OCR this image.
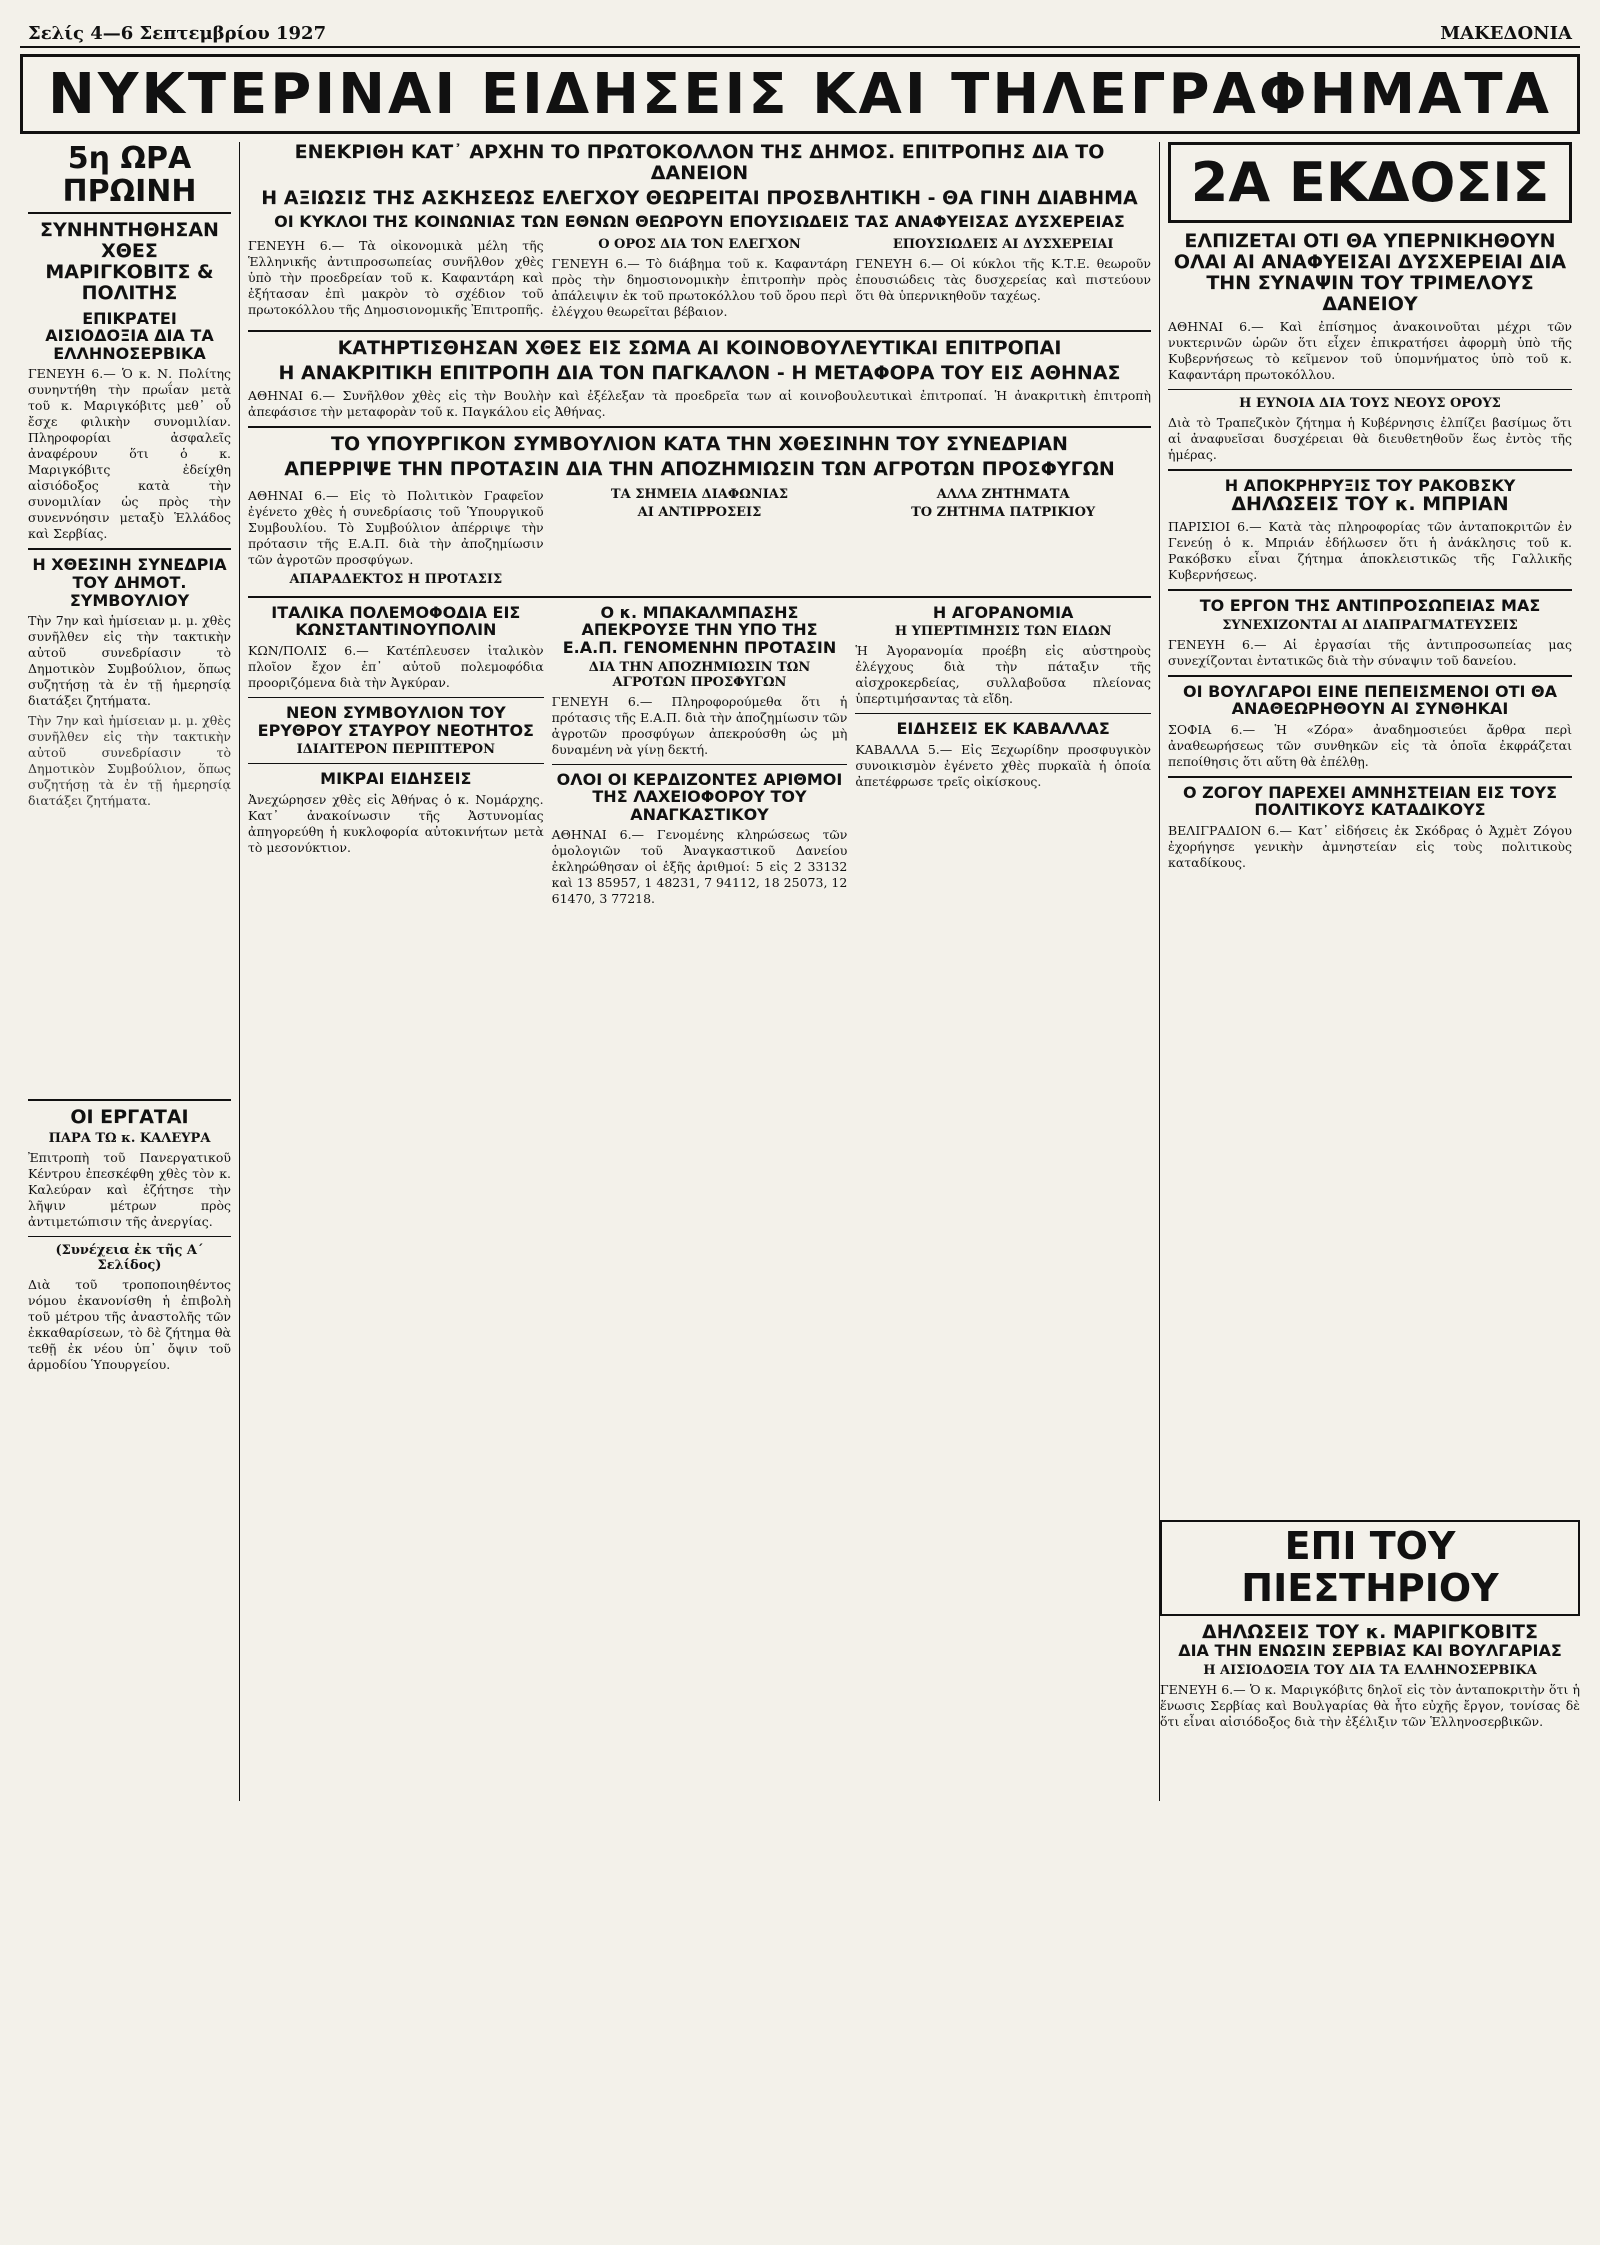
Σελίς 4—6 Σεπτεμβρίου 1927	ΜΑΚΕΔΟΝΙΑ
ΝΥΚΤΕΡΙΝΑΙ ΕΙΔΗΣΕΙΣ ΚΑΙ ΤΗΛΕΓΡΑΦΗΜΑΤΑ
5η ΩΡΑ ΠΡΩΙΝΗ
ΣΥΝΗΝΤΗΘΗΣΑΝ ΧΘΕΣ ΜΑΡΙΓΚΟΒΙΤΣ & ΠΟΛΙΤΗΣ
ΕΠΙΚΡΑΤΕΙ ΑΙΣΙΟΔΟΞΙΑ ΔΙΑ ΤΑ ΕΛΛΗΝΟΣΕΡΒΙΚΑ

ΓΕΝΕΥΗ 6.— Ὁ κ. Ν. Πολίτης συνηντήθη τὴν πρωΐαν μετὰ τοῦ κ. Μαριγκόβιτς μεθ᾽ οὗ ἔσχε φιλικὴν συνομιλίαν. Πληροφορίαι ἀσφαλεῖς ἀναφέρουν ὅτι ὁ κ. Μαριγκόβιτς ἐδείχθη αἰσιόδοξος κατὰ τὴν συνομιλίαν ὡς πρὸς τὴν συνεννόησιν μεταξὺ Ἑλλάδος καὶ Σερβίας.

Η ΧΘΕΣΙΝΗ ΣΥΝΕΔΡΙΑ ΤΟΥ ΔΗΜΟΤ. ΣΥΜΒΟΥΛΙΟΥ

Τὴν 7ην καὶ ἡμίσειαν μ. μ. χθὲς συνῆλθεν εἰς τὴν τακτικὴν αὐτοῦ συνεδρίασιν τὸ Δημοτικὸν Συμβούλιον, ὅπως συζητήσῃ τὰ ἐν τῇ ἡμερησίᾳ διατάξει ζητήματα.

Τὴν 7ην καὶ ἡμίσειαν μ. μ. χθὲς συνῆλθεν εἰς τὴν τακτικὴν αὐτοῦ συνεδρίασιν τὸ Δημοτικὸν Συμβούλιον, ὅπως συζητήσῃ τὰ ἐν τῇ ἡμερησίᾳ διατάξει ζητήματα.

ΟΙ ΕΡΓΑΤΑΙ
ΠΑΡΑ ΤΩ κ. ΚΑΛΕΥΡΑ

Ἐπιτροπὴ τοῦ Πανεργατικοῦ Κέντρου ἐπεσκέφθη χθὲς τὸν κ. Καλεύραν καὶ ἐζήτησε τὴν λῆψιν μέτρων πρὸς ἀντιμετώπισιν τῆς ἀνεργίας.

(Συνέχεια ἐκ τῆς Α΄ Σελίδος)

Διὰ τοῦ τροποποιηθέντος νόμου ἐκανονίσθη ἡ ἐπιβολὴ τοῦ μέτρου τῆς ἀναστολῆς τῶν ἐκκαθαρίσεων, τὸ δὲ ζήτημα θὰ τεθῇ ἐκ νέου ὑπ᾽ ὄψιν τοῦ ἁρμοδίου Ὑπουργείου.

ΕΝΕΚΡΙΘΗ ΚΑΤ᾽ ΑΡΧΗΝ ΤΟ ΠΡΩΤΟΚΟΛΛΟΝ ΤΗΣ ΔΗΜΟΣ. ΕΠΙΤΡΟΠΗΣ ΔΙΑ ΤΟ ΔΑΝΕΙΟΝ
Η ΑΞΙΩΣΙΣ ΤΗΣ ΑΣΚΗΣΕΩΣ ΕΛΕΓΧΟΥ ΘΕΩΡΕΙΤΑΙ ΠΡΟΣΒΛΗΤΙΚΗ - ΘΑ ΓΙΝΗ ΔΙΑΒΗΜΑ
ΟΙ ΚΥΚΛΟΙ ΤΗΣ ΚΟΙΝΩΝΙΑΣ ΤΩΝ ΕΘΝΩΝ ΘΕΩΡΟΥΝ ΕΠΟΥΣΙΩΔΕΙΣ ΤΑΣ ΑΝΑΦΥΕΙΣΑΣ ΔΥΣΧΕΡΕΙΑΣ

ΓΕΝΕΥΗ 6.— Τὰ οἰκονομικὰ μέλη τῆς Ἑλληνικῆς ἀντιπροσωπείας συνῆλθον χθὲς ὑπὸ τὴν προεδρείαν τοῦ κ. Καφαντάρη καὶ ἐξήτασαν ἐπὶ μακρὸν τὸ σχέδιον τοῦ πρωτοκόλλου τῆς Δημοσιονομικῆς Ἐπιτροπῆς.

Ο ΟΡΟΣ ΔΙΑ ΤΟΝ ΕΛΕΓΧΟΝ

ΓΕΝΕΥΗ 6.— Τὸ διάβημα τοῦ κ. Καφαντάρη πρὸς τὴν δημοσιονομικὴν ἐπιτροπὴν πρὸς ἀπάλειψιν ἐκ τοῦ πρωτοκόλλου τοῦ ὅρου περὶ ἐλέγχου θεωρεῖται βέβαιον.

ΕΠΟΥΣΙΩΔΕΙΣ ΑΙ ΔΥΣΧΕΡΕΙΑΙ

ΓΕΝΕΥΗ 6.— Οἱ κύκλοι τῆς Κ.Τ.Ε. θεωροῦν ἐπουσιώδεις τὰς δυσχερείας καὶ πιστεύουν ὅτι θὰ ὑπερνικηθοῦν ταχέως.

ΚΑΤΗΡΤΙΣΘΗΣΑΝ ΧΘΕΣ ΕΙΣ ΣΩΜΑ ΑΙ ΚΟΙΝΟΒΟΥΛΕΥΤΙΚΑΙ ΕΠΙΤΡΟΠΑΙ
Η ΑΝΑΚΡΙΤΙΚΗ ΕΠΙΤΡΟΠΗ ΔΙΑ ΤΟΝ ΠΑΓΚΑΛΟΝ - Η ΜΕΤΑΦΟΡΑ ΤΟΥ ΕΙΣ ΑΘΗΝΑΣ

ΑΘΗΝΑΙ 6.— Συνῆλθον χθὲς εἰς τὴν Βουλὴν καὶ ἐξέλεξαν τὰ προεδρεῖα των αἱ κοινοβουλευτικαὶ ἐπιτροπαί. Ἡ ἀνακριτικὴ ἐπιτροπὴ ἀπεφάσισε τὴν μεταφορὰν τοῦ κ. Παγκάλου εἰς Ἀθήνας.

ΤΟ ΥΠΟΥΡΓΙΚΟΝ ΣΥΜΒΟΥΛΙΟΝ ΚΑΤΑ ΤΗΝ ΧΘΕΣΙΝΗΝ ΤΟΥ ΣΥΝΕΔΡΙΑΝ
ΑΠΕΡΡΙΨΕ ΤΗΝ ΠΡΟΤΑΣΙΝ ΔΙΑ ΤΗΝ ΑΠΟΖΗΜΙΩΣΙΝ ΤΩΝ ΑΓΡΟΤΩΝ ΠΡΟΣΦΥΓΩΝ

ΑΘΗΝΑΙ 6.— Εἰς τὸ Πολιτικὸν Γραφεῖον ἐγένετο χθὲς ἡ συνεδρίασις τοῦ Ὑπουργικοῦ Συμβουλίου. Τὸ Συμβούλιον ἀπέρριψε τὴν πρότασιν τῆς Ε.Α.Π. διὰ τὴν ἀποζημίωσιν τῶν ἀγροτῶν προσφύγων.

ΑΠΑΡΑΔΕΚΤΟΣ Η ΠΡΟΤΑΣΙΣ
ΤΑ ΣΗΜΕΙΑ ΔΙΑΦΩΝΙΑΣ
ΑΙ ΑΝΤΙΡΡΟΣΕΙΣ
ΑΛΛΑ ΖΗΤΗΜΑΤΑ
ΤΟ ΖΗΤΗΜΑ ΠΑΤΡΙΚΙΟΥ
ΙΤΑΛΙΚΑ ΠΟΛΕΜΟΦΟΔΙΑ ΕΙΣ ΚΩΝΣΤΑΝΤΙΝΟΥΠΟΛΙΝ

ΚΩΝ/ΠΟΛΙΣ 6.— Κατέπλευσεν ἰταλικὸν πλοῖον ἔχον ἐπ᾽ αὐτοῦ πολεμοφόδια προοριζόμενα διὰ τὴν Ἀγκύραν.

ΝΕΟΝ ΣΥΜΒΟΥΛΙΟΝ ΤΟΥ ΕΡΥΘΡΟΥ ΣΤΑΥΡΟΥ ΝΕΟΤΗΤΟΣ
ΙΔΙΑΙΤΕΡΟΝ ΠΕΡΙΠΤΕΡΟΝ
ΜΙΚΡΑΙ ΕΙΔΗΣΕΙΣ

Ἀνεχώρησεν χθὲς εἰς Ἀθήνας ὁ κ. Νομάρχης. Κατ᾽ ἀνακοίνωσιν τῆς Ἀστυνομίας ἀπηγορεύθη ἡ κυκλοφορία αὐτοκινήτων μετὰ τὸ μεσονύκτιον.

Ο κ. ΜΠΑΚΑΛΜΠΑΣΗΣ ΑΠΕΚΡΟΥΣΕ ΤΗΝ ΥΠΟ ΤΗΣ Ε.Α.Π. ΓΕΝΟΜΕΝΗΝ ΠΡΟΤΑΣΙΝ
ΔΙΑ ΤΗΝ ΑΠΟΖΗΜΙΩΣΙΝ ΤΩΝ ΑΓΡΟΤΩΝ ΠΡΟΣΦΥΓΩΝ

ΓΕΝΕΥΗ 6.— Πληροφορούμεθα ὅτι ἡ πρότασις τῆς Ε.Α.Π. διὰ τὴν ἀποζημίωσιν τῶν ἀγροτῶν προσφύγων ἀπεκρούσθη ὡς μὴ δυναμένη νὰ γίνῃ δεκτή.

ΟΛΟΙ ΟΙ ΚΕΡΔΙΖΟΝΤΕΣ ΑΡΙΘΜΟΙ ΤΗΣ ΛΑΧΕΙΟΦΟΡΟΥ ΤΟΥ ΑΝΑΓΚΑΣΤΙΚΟΥ

ΑΘΗΝΑΙ 6.— Γενομένης κληρώσεως τῶν ὁμολογιῶν τοῦ Ἀναγκαστικοῦ Δανείου ἐκληρώθησαν οἱ ἑξῆς ἀριθμοί: 5 εἰς 2 33132 καὶ 13 85957, 1 48231, 7 94112, 18 25073, 12 61470, 3 77218.

Η ΑΓΟΡΑΝΟΜΙΑ
Η ΥΠΕΡΤΙΜΗΣΙΣ ΤΩΝ ΕΙΔΩΝ

Ἡ Ἀγορανομία προέβη εἰς αὐστηροὺς ἐλέγχους διὰ τὴν πάταξιν τῆς αἰσχροκερδείας, συλλαβοῦσα πλείονας ὑπερτιμήσαντας τὰ εἴδη.

ΕΙΔΗΣΕΙΣ ΕΚ ΚΑΒΑΛΛΑΣ

ΚΑΒΑΛΛΑ 5.— Εἰς Ξεχωρίδην προσφυγικὸν συνοικισμὸν ἐγένετο χθὲς πυρκαϊὰ ἡ ὁποία ἀπετέφρωσε τρεῖς οἰκίσκους.

2Α ΕΚΔΟΣΙΣ
ΕΛΠΙΖΕΤΑΙ ΟΤΙ ΘΑ ΥΠΕΡΝΙΚΗΘΟΥΝ ΟΛΑΙ ΑΙ ΑΝΑΦΥΕΙΣΑΙ ΔΥΣΧΕΡΕΙΑΙ ΔΙΑ ΤΗΝ ΣΥΝΑΨΙΝ ΤΟΥ ΤΡΙΜΕΛΟΥΣ ΔΑΝΕΙΟΥ

ΑΘΗΝΑΙ 6.— Καὶ ἐπίσημος ἀνακοινοῦται μέχρι τῶν νυκτερινῶν ὡρῶν ὅτι εἶχεν ἐπικρατήσει ἀφορμὴ ὑπὸ τῆς Κυβερνήσεως τὸ κεῖμενον τοῦ ὑπομνήματος ὑπὸ τοῦ κ. Καφαντάρη πρωτοκόλλου.

Η ΕΥΝΟΙΑ ΔΙΑ ΤΟΥΣ ΝΕΟΥΣ ΟΡΟΥΣ

Διὰ τὸ Τραπεζικὸν ζήτημα ἡ Κυβέρνησις ἐλπίζει βασίμως ὅτι αἱ ἀναφυεῖσαι δυσχέρειαι θὰ διευθετηθοῦν ἕως ἐντὸς τῆς ἡμέρας.

Η ΑΠΟΚΡΗΡΥΞΙΣ ΤΟΥ ΡΑΚΟΒΣΚΥ
ΔΗΛΩΣΕΙΣ ΤΟΥ κ. ΜΠΡΙΑΝ

ΠΑΡΙΣΙΟΙ 6.— Κατὰ τὰς πληροφορίας τῶν ἀνταποκριτῶν ἐν Γενεύῃ ὁ κ. Μπριάν ἐδήλωσεν ὅτι ἡ ἀνάκλησις τοῦ κ. Ρακόβσκυ εἶναι ζήτημα ἁποκλειστικῶς τῆς Γαλλικῆς Κυβερνήσεως.

ΤΟ ΕΡΓΟΝ ΤΗΣ ΑΝΤΙΠΡΟΣΩΠΕΙΑΣ ΜΑΣ
ΣΥΝΕΧΙΖΟΝΤΑΙ ΑΙ ΔΙΑΠΡΑΓΜΑΤΕΥΣΕΙΣ

ΓΕΝΕΥΗ 6.— Αἱ ἐργασίαι τῆς ἀντιπροσωπείας μας συνεχίζονται ἐντατικῶς διὰ τὴν σύναψιν τοῦ δανείου.

ΟΙ ΒΟΥΛΓΑΡΟΙ ΕΙΝΕ ΠΕΠΕΙΣΜΕΝΟΙ ΟΤΙ ΘΑ ΑΝΑΘΕΩΡΗΘΟΥΝ ΑΙ ΣΥΝΘΗΚΑΙ

ΣΟΦΙΑ 6.— Ἡ «Ζόρα» ἀναδημοσιεύει ἄρθρα περὶ ἀναθεωρήσεως τῶν συνθηκῶν εἰς τὰ ὁποῖα ἐκφράζεται πεποίθησις ὅτι αὕτη θὰ ἐπέλθῃ.

Ο ΖΟΓΟΥ ΠΑΡΕΧΕΙ ΑΜΝΗΣΤΕΙΑΝ ΕΙΣ ΤΟΥΣ ΠΟΛΙΤΙΚΟΥΣ ΚΑΤΑΔΙΚΟΥΣ

ΒΕΛΙΓΡΑΔΙΟΝ 6.— Κατ᾽ εἰδήσεις ἐκ Σκόδρας ὁ Ἀχμὲτ Ζόγου ἐχορήγησε γενικὴν ἀμνηστείαν εἰς τοὺς πολιτικοὺς καταδίκους.

ΕΠΙ ΤΟΥ ΠΙΕΣΤΗΡΙΟΥ
ΔΗΛΩΣΕΙΣ ΤΟΥ κ. ΜΑΡΙΓΚΟΒΙΤΣ
ΔΙΑ ΤΗΝ ΕΝΩΣΙΝ ΣΕΡΒΙΑΣ ΚΑΙ ΒΟΥΛΓΑΡΙΑΣ
Η ΑΙΣΙΟΔΟΞΙΑ ΤΟΥ ΔΙΑ ΤΑ ΕΛΛΗΝΟΣΕΡΒΙΚΑ

ΓΕΝΕΥΗ 6.— Ὁ κ. Μαριγκόβιτς δηλοῖ εἰς τὸν ἀνταποκριτὴν ὅτι ἡ ἕνωσις Σερβίας καὶ Βουλγαρίας θὰ ἦτο εὐχῆς ἔργον, τονίσας δὲ ὅτι εἶναι αἰσιόδοξος διὰ τὴν ἐξέλιξιν τῶν Ἑλληνοσερβικῶν.
